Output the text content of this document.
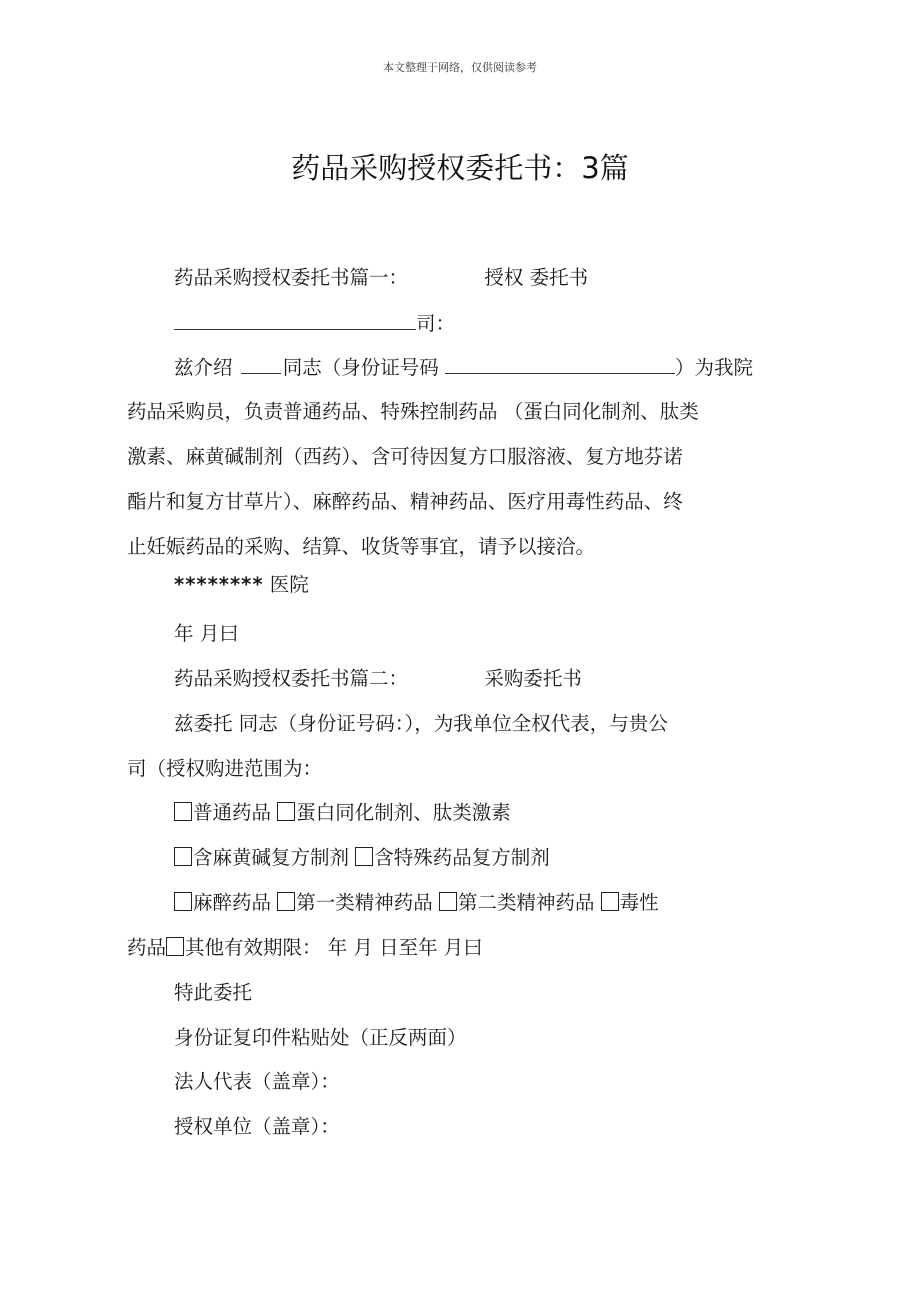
本文整理于网络，仅供阅读参考
药品采购授权委托书：3篇
药品采购授权委托书篇一：	授权 委托书
司：
兹介绍	同志（身份证号码	）为我院
药品采购员，负责普通药品、特殊控制药品 （蛋白同化制剂、肽类
激素、麻黄碱制剂（西药）、含可待因复方口服溶液、复方地芬诺
酯片和复方甘草片）、麻醉药品、精神药品、医疗用毒性药品、终
止妊娠药品的采购、结算、收货等事宜，请予以接洽。
******** 医院
年 月曰
药品采购授权委托书篇二：	采购委托书
兹委托 同志（身份证号码：），为我单位全权代表，与贵公
司（授权购进范围为：
普通药品 蛋白同化制剂、肽类激素
含麻黄碱复方制剂 含特殊药品复方制剂
麻醉药品 第一类精神药品 第二类精神药品 毒性
药品 其他有效期限： 年 月 日至年 月曰
特此委托
身份证复印件粘贴处（正反两面）
法人代表（盖章）：
授权单位（盖章）：
